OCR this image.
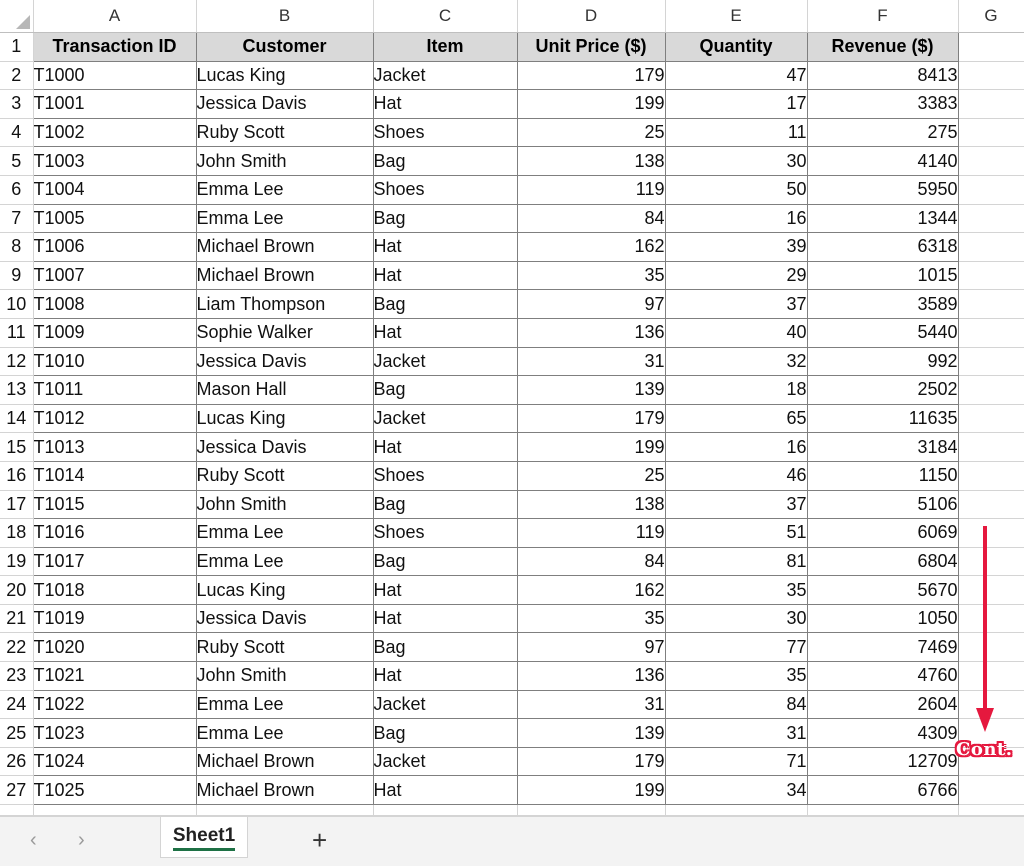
	A	B	C	D	E	F	G
1	Transaction ID	Customer	Item	Unit Price ($)	Quantity	Revenue ($)	
2	T1000	Lucas King	Jacket	179	47	8413	
3	T1001	Jessica Davis	Hat	199	17	3383	
4	T1002	Ruby Scott	Shoes	25	11	275	
5	T1003	John Smith	Bag	138	30	4140	
6	T1004	Emma Lee	Shoes	119	50	5950	
7	T1005	Emma Lee	Bag	84	16	1344	
8	T1006	Michael Brown	Hat	162	39	6318	
9	T1007	Michael Brown	Hat	35	29	1015	
10	T1008	Liam Thompson	Bag	97	37	3589	
11	T1009	Sophie Walker	Hat	136	40	5440	
12	T1010	Jessica Davis	Jacket	31	32	992	
13	T1011	Mason Hall	Bag	139	18	2502	
14	T1012	Lucas King	Jacket	179	65	11635	
15	T1013	Jessica Davis	Hat	199	16	3184	
16	T1014	Ruby Scott	Shoes	25	46	1150	
17	T1015	John Smith	Bag	138	37	5106	
18	T1016	Emma Lee	Shoes	119	51	6069	
19	T1017	Emma Lee	Bag	84	81	6804	
20	T1018	Lucas King	Hat	162	35	5670	
21	T1019	Jessica Davis	Hat	35	30	1050	
22	T1020	Ruby Scott	Bag	97	77	7469	
23	T1021	John Smith	Hat	136	35	4760	
24	T1022	Emma Lee	Jacket	31	84	2604	
25	T1023	Emma Lee	Bag	139	31	4309	
26	T1024	Michael Brown	Jacket	179	71	12709	
27	T1025	Michael Brown	Hat	199	34	6766	

Cont.
‹ ›	Sheet1	+
